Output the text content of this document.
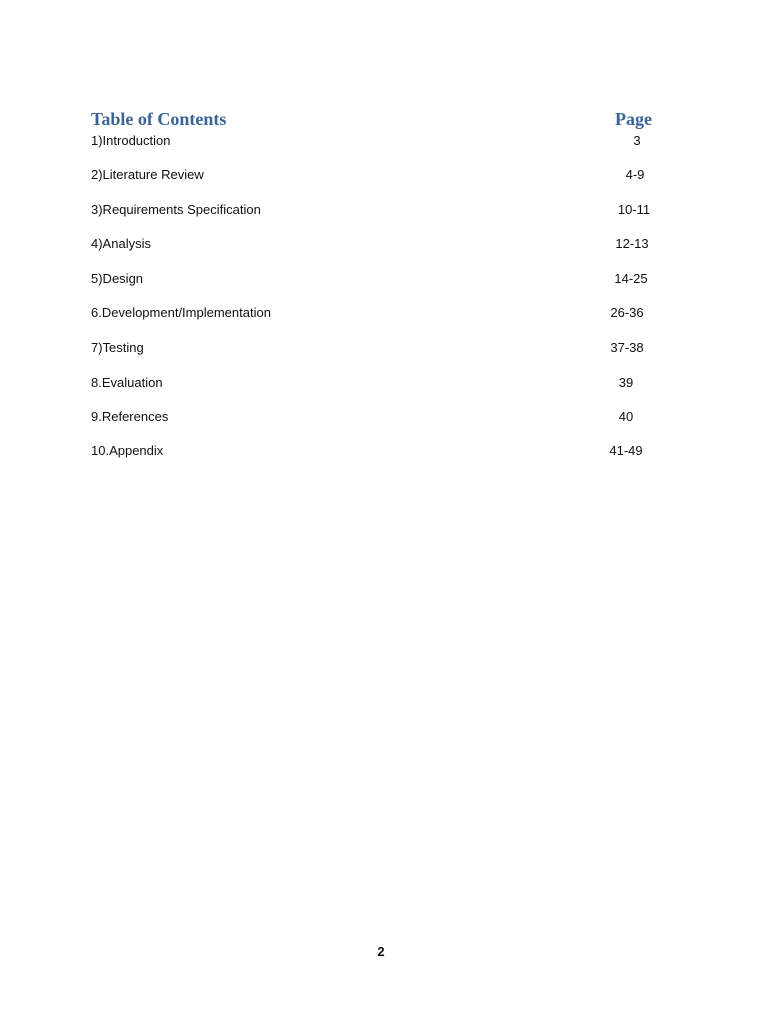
Table of Contents	Page
1)Introduction	3
2)Literature Review	4-9
3)Requirements Specification	10-11
4)Analysis	12-13
5)Design	14-25
6.Development/Implementation	26-36
7)Testing	37-38
8.Evaluation	39
9.References	40
10.Appendix	41-49
2
